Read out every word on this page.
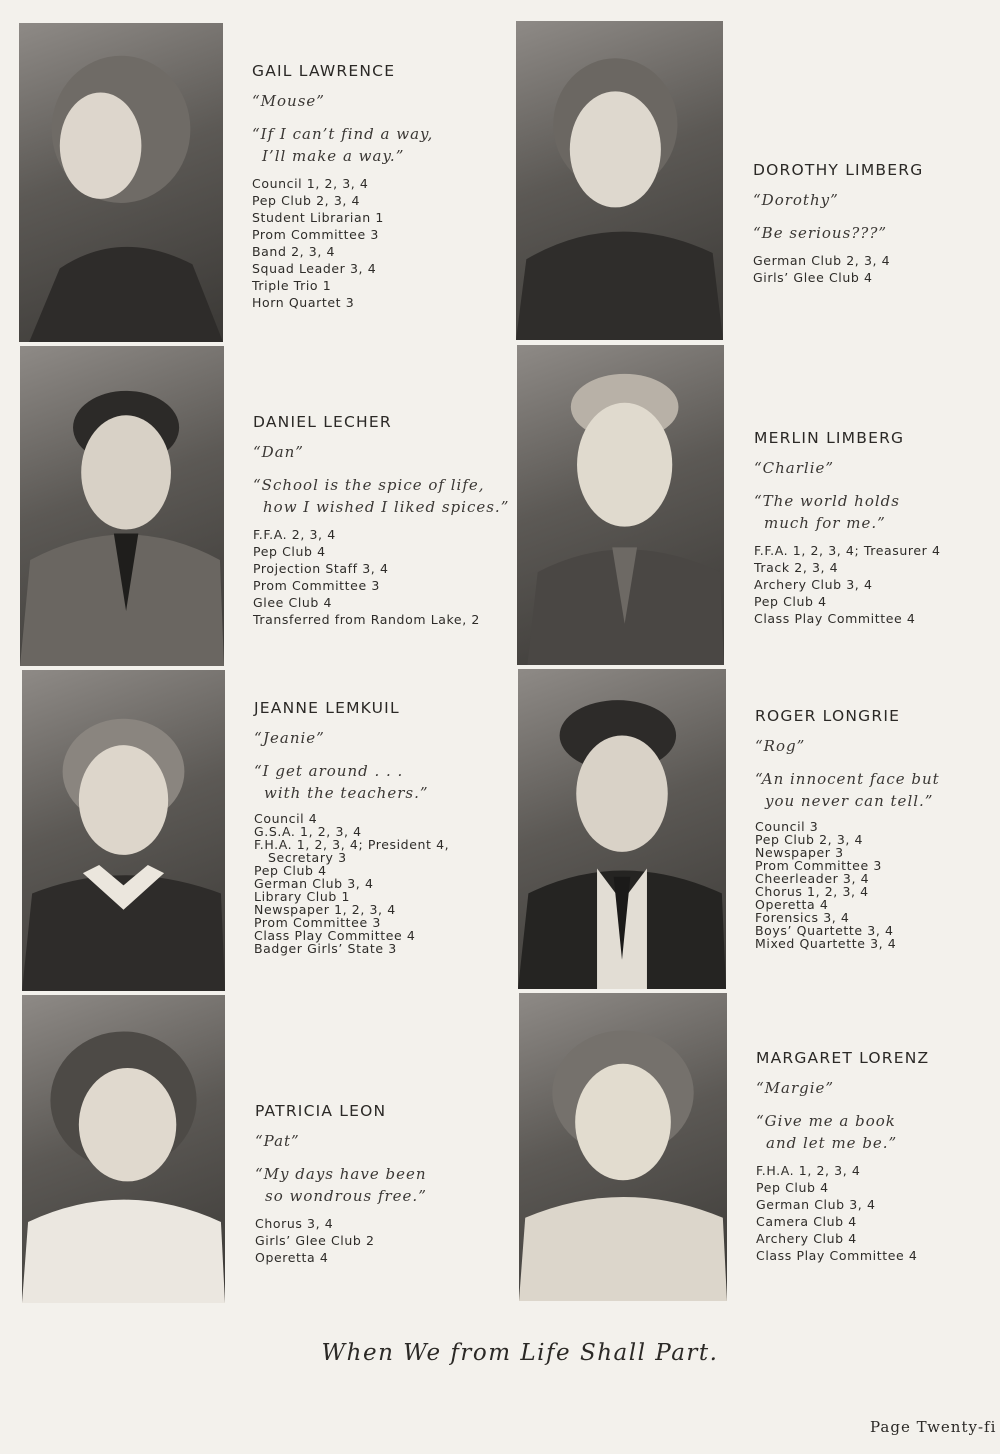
GAIL LAWRENCE
“Mouse”
“If I can’t find a way,
I’ll make a way.”
Council 1, 2, 3, 4
Pep Club 2, 3, 4
Student Librarian 1
Prom Committee 3
Band 2, 3, 4
Squad Leader 3, 4
Triple Trio 1
Horn Quartet 3
DOROTHY LIMBERG
“Dorothy”
“Be serious???”
German Club 2, 3, 4
Girls’ Glee Club 4
DANIEL LECHER
“Dan”
“School is the spice of life,
how I wished I liked spices.”
F.F.A. 2, 3, 4
Pep Club 4
Projection Staff 3, 4
Prom Committee 3
Glee Club 4
Transferred from Random Lake, 2
MERLIN LIMBERG
“Charlie”
“The world holds
much for me.”
F.F.A. 1, 2, 3, 4; Treasurer 4
Track 2, 3, 4
Archery Club 3, 4
Pep Club 4
Class Play Committee 4
JEANNE LEMKUIL
“Jeanie”
“I get around . . .
with the teachers.”
Council 4
G.S.A. 1, 2, 3, 4
F.H.A. 1, 2, 3, 4; President 4,
Secretary 3
Pep Club 4
German Club 3, 4
Library Club 1
Newspaper 1, 2, 3, 4
Prom Committee 3
Class Play Committee 4
Badger Girls’ State 3
ROGER LONGRIE
“Rog”
“An innocent face but
you never can tell.”
Council 3
Pep Club 2, 3, 4
Newspaper 3
Prom Committee 3
Cheerleader 3, 4
Chorus 1, 2, 3, 4
Operetta 4
Forensics 3, 4
Boys’ Quartette 3, 4
Mixed Quartette 3, 4
PATRICIA LEON
“Pat”
“My days have been
so wondrous free.”
Chorus 3, 4
Girls’ Glee Club 2
Operetta 4
MARGARET LORENZ
“Margie”
“Give me a book
and let me be.”
F.H.A. 1, 2, 3, 4
Pep Club 4
German Club 3, 4
Camera Club 4
Archery Club 4
Class Play Committee 4
When We from Life Shall Part.
Page Twenty-fi
